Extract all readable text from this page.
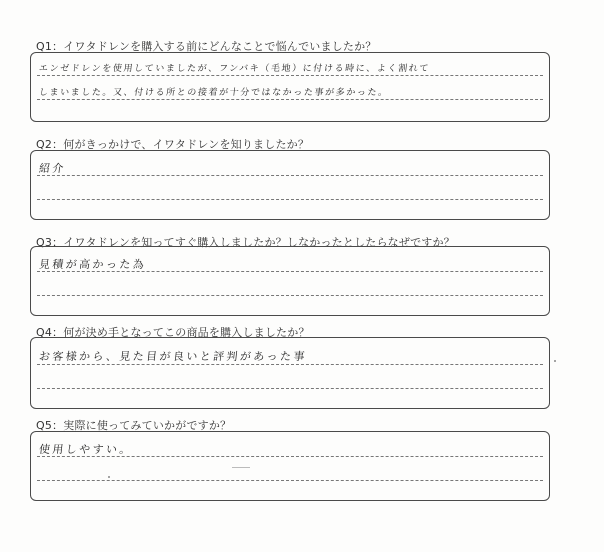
Q1：イワタドレンを購入する前にどんなことで悩んでいましたか？
エンゼドレンを使用していましたが、フンバキ（毛地）に付ける時に、よく割れて
しまいました。又、付ける所との接着が十分ではなかった事が多かった。
Q2：何がきっかけで、イワタドレンを知りましたか？
紹介
Q3：イワタドレンを知ってすぐ購入しましたか？しなかったとしたらなぜですか？
見積が高かった為
Q4：何が決め手となってこの商品を購入しましたか？
お客様から、見た目が良いと評判があった事
Q5：実際に使ってみていかがですか？
使用しやすい。
